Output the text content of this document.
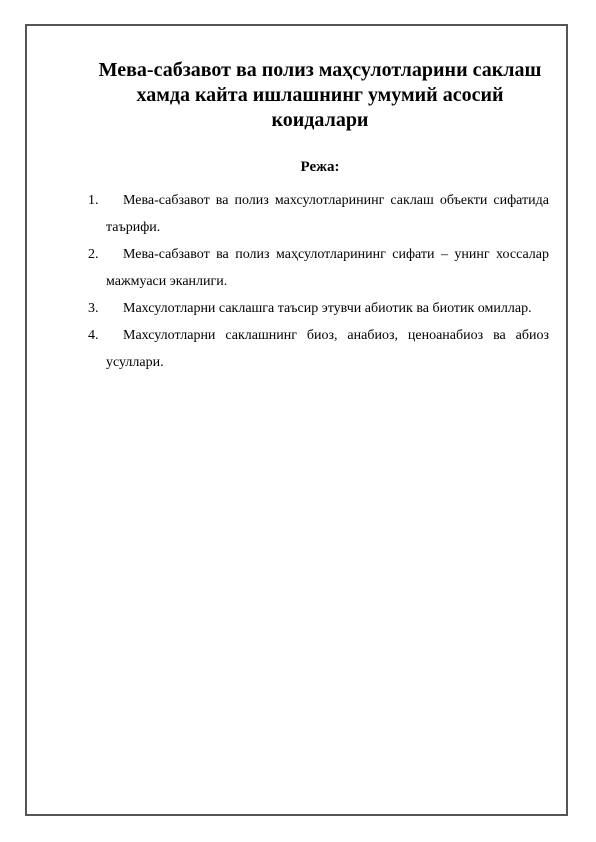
Мева-сабзавот ва полиз маҳсулотларини саклаш хамда кайта ишлашнинг умумий асосий коидалари
Режа:
1.	Мева-сабзавот ва полиз махсулотларининг саклаш объекти сифатида таърифи.
2.	Мева-сабзавот ва полиз маҳсулотларининг сифати – унинг хоссалар мажмуаси эканлиги.
3.	Махсулотларни саклашга таъсир этувчи абиотик ва биотик омиллар.
4.	Махсулотларни саклашнинг биоз, анабиоз, ценоанабиоз ва абиоз усуллари.
